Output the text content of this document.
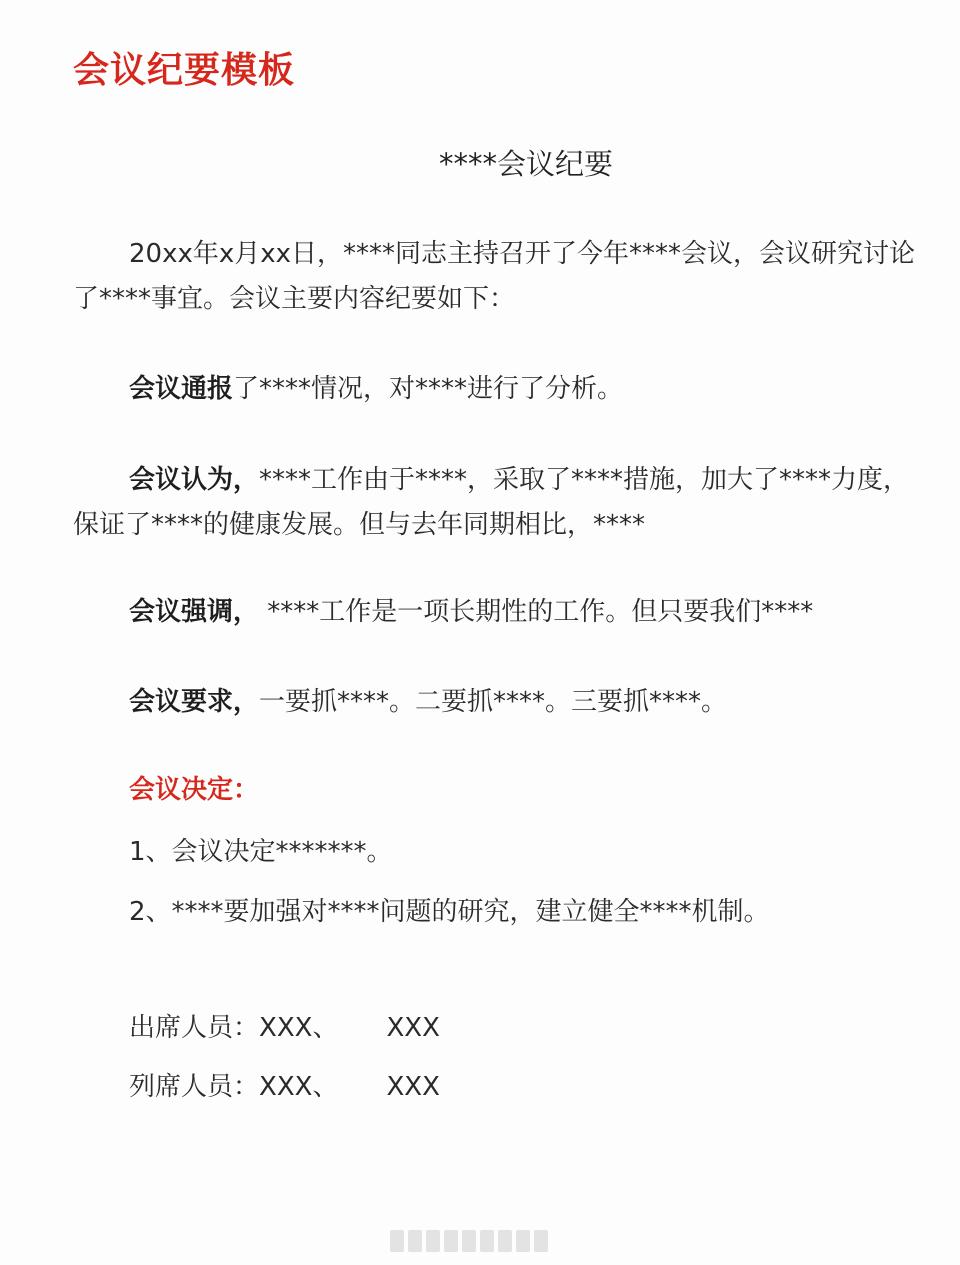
会议纪要模板
****会议纪要
20xx年x月xx日，****同志主持召开了今年****会议，会议研究讨论了****事宜。会议主要内容纪要如下：
会议通报了****情况，对****进行了分析。
会议认为，****工作由于****，采取了****措施，加大了****力度，保证了****的健康发展。但与去年同期相比，****
会议强调， ****工作是一项长期性的工作。但只要我们****
会议要求，一要抓****。二要抓****。三要抓****。
会议决定：
1、会议决定*******。
2、****要加强对****问题的研究，建立健全****机制。
出席人员：XXX、 XXX
列席人员：XXX、 XXX
